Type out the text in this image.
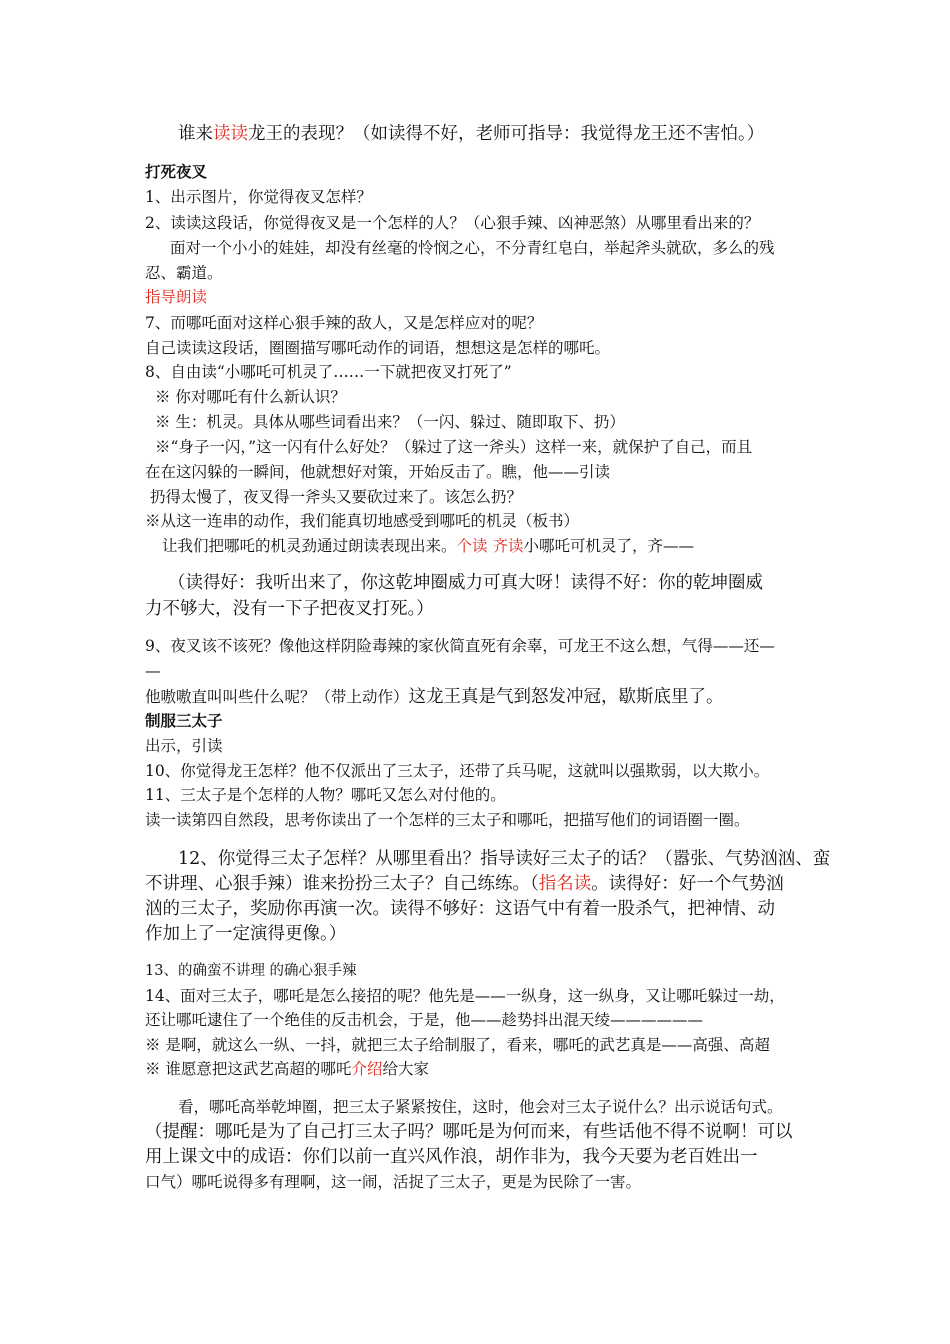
谁来读读龙王的表现？（如读得不好，老师可指导：我觉得龙王还不害怕。）
打死夜叉
1、出示图片，你觉得夜叉怎样？
2、读读这段话，你觉得夜叉是一个怎样的人？（心狠手辣、凶神恶煞）从哪里看出来的？
面对一个小小的娃娃，却没有丝毫的怜悯之心，不分青红皂白，举起斧头就砍，多么的残
忍、霸道。
指导朗读
7、而哪吒面对这样心狠手辣的敌人，又是怎样应对的呢？
自己读读这段话，圈圈描写哪吒动作的词语，想想这是怎样的哪吒。
8、自由读“小哪吒可机灵了……一下就把夜叉打死了”
※ 你对哪吒有什么新认识？
※ 生：机灵。具体从哪些词看出来？（一闪、躲过、随即取下、扔）
※“身子一闪，”这一闪有什么好处？（躲过了这一斧头）这样一来，就保护了自己，而且
在在这闪躲的一瞬间，他就想好对策，开始反击了。瞧，他——引读
扔得太慢了，夜叉得一斧头又要砍过来了。该怎么扔？
※从这一连串的动作，我们能真切地感受到哪吒的机灵（板书）
让我们把哪吒的机灵劲通过朗读表现出来。个读 齐读小哪吒可机灵了，齐——
（读得好：我听出来了，你这乾坤圈威力可真大呀！读得不好：你的乾坤圈威
力不够大，没有一下子把夜叉打死。）
9、夜叉该不该死？像他这样阴险毒辣的家伙简直死有余辜，可龙王不这么想，气得——还—
—
他嗷嗷直叫叫些什么呢？（带上动作）这龙王真是气到怒发冲冠，歇斯底里了。
制服三太子
出示，引读
10、你觉得龙王怎样？他不仅派出了三太子，还带了兵马呢，这就叫以强欺弱，以大欺小。
11、三太子是个怎样的人物？哪吒又怎么对付他的。
读一读第四自然段，思考你读出了一个怎样的三太子和哪吒，把描写他们的词语圈一圈。
12、你觉得三太子怎样？从哪里看出？指导读好三太子的话？（嚣张、气势汹汹、蛮
不讲理、心狠手辣）谁来扮扮三太子？自己练练。（指名读。读得好：好一个气势汹
汹的三太子，奖励你再演一次。读得不够好：这语气中有着一股杀气，把神情、动
作加上了一定演得更像。）
13、的确蛮不讲理 的确心狠手辣
14、面对三太子，哪吒是怎么接招的呢？他先是——一纵身，这一纵身，又让哪吒躲过一劫，
还让哪吒逮住了一个绝佳的反击机会，于是，他——趁势抖出混天绫——————
※ 是啊，就这么一纵、一抖，就把三太子给制服了，看来，哪吒的武艺真是——高强、高超
※ 谁愿意把这武艺高超的哪吒介绍给大家
看，哪吒高举乾坤圈，把三太子紧紧按住，这时，他会对三太子说什么？出示说话句式。
（提醒：哪吒是为了自己打三太子吗？哪吒是为何而来，有些话他不得不说啊！可以
用上课文中的成语：你们以前一直兴风作浪，胡作非为，我今天要为老百姓出一
口气）哪吒说得多有理啊，这一闹，活捉了三太子，更是为民除了一害。
